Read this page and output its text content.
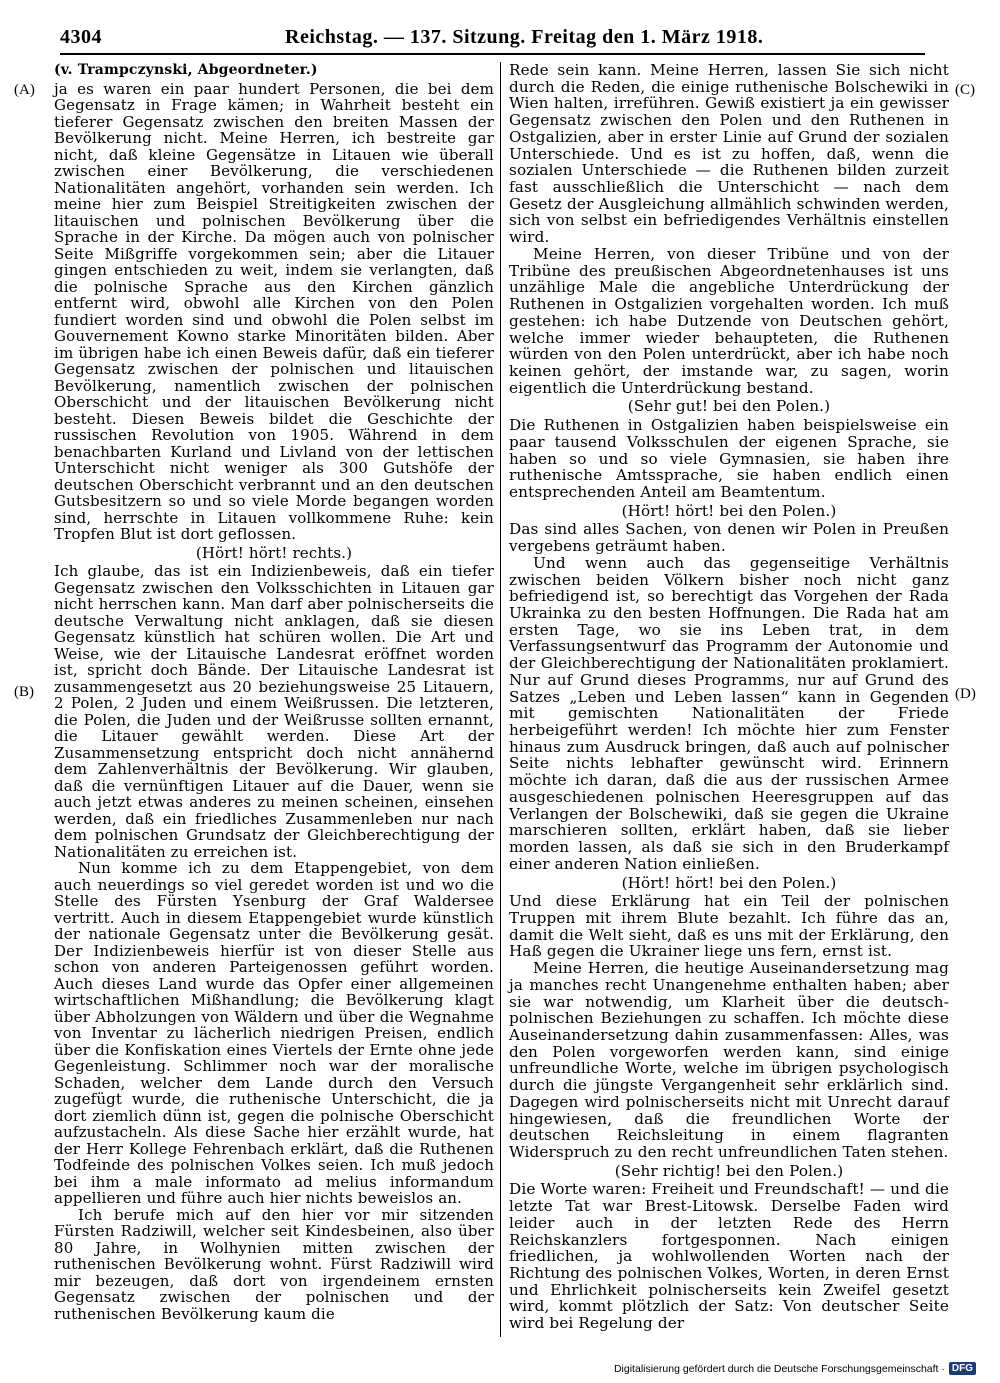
4304	Reichstag. — 137. Sitzung. Freitag den 1. März 1918.
(A)
(B)
(C)
(D)

(v. Trampczynski, Abgeordneter.)

ja es waren ein paar hundert Personen, die bei dem Gegensatz in Frage kämen; in Wahrheit besteht ein tieferer Gegensatz zwischen den breiten Massen der Bevölkerung nicht. Meine Herren, ich bestreite gar nicht, daß kleine Gegensätze in Litauen wie überall zwischen einer Bevölkerung, die verschiedenen Nationalitäten angehört, vorhanden sein werden. Ich meine hier zum Beispiel Streitigkeiten zwischen der litauischen und polnischen Bevölkerung über die Sprache in der Kirche. Da mögen auch von polnischer Seite Mißgriffe vorgekommen sein; aber die Litauer gingen entschieden zu weit, indem sie verlangten, daß die polnische Sprache aus den Kirchen gänzlich entfernt wird, obwohl alle Kirchen von den Polen fundiert worden sind und obwohl die Polen selbst im Gouvernement Kowno starke Minoritäten bilden. Aber im übrigen habe ich einen Beweis dafür, daß ein tieferer Gegensatz zwischen der polnischen und litauischen Bevölkerung, namentlich zwischen der polnischen Oberschicht und der litauischen Bevölkerung nicht besteht. Diesen Beweis bildet die Geschichte der russischen Revolution von 1905. Während in dem benachbarten Kurland und Livland von der lettischen Unterschicht nicht weniger als 300 Gutshöfe der deutschen Oberschicht verbrannt und an den deutschen Gutsbesitzern so und so viele Morde begangen worden sind, herrschte in Litauen vollkommene Ruhe: kein Tropfen Blut ist dort geflossen.

(Hört! hört! rechts.)

Ich glaube, das ist ein Indizienbeweis, daß ein tiefer Gegensatz zwischen den Volksschichten in Litauen gar nicht herrschen kann. Man darf aber polnischerseits die deutsche Verwaltung nicht anklagen, daß sie diesen Gegensatz künstlich hat schüren wollen. Die Art und Weise, wie der Litauische Landesrat eröffnet worden ist, spricht doch Bände. Der Litauische Landesrat ist zusammengesetzt aus 20 beziehungsweise 25 Litauern, 2 Polen, 2 Juden und einem Weißrussen. Die letzteren, die Polen, die Juden und der Weißrusse sollten ernannt, die Litauer gewählt werden. Diese Art der Zusammensetzung entspricht doch nicht annähernd dem Zahlenverhältnis der Bevölkerung. Wir glauben, daß die vernünftigen Litauer auf die Dauer, wenn sie auch jetzt etwas anderes zu meinen scheinen, einsehen werden, daß ein friedliches Zusammenleben nur nach dem polnischen Grundsatz der Gleichberechtigung der Nationalitäten zu erreichen ist.

Nun komme ich zu dem Etappengebiet, von dem auch neuerdings so viel geredet worden ist und wo die Stelle des Fürsten Ysenburg der Graf Waldersee vertritt. Auch in diesem Etappengebiet wurde künstlich der nationale Gegensatz unter die Bevölkerung gesät. Der Indizienbeweis hierfür ist von dieser Stelle aus schon von anderen Parteigenossen geführt worden. Auch dieses Land wurde das Opfer einer allgemeinen wirtschaftlichen Mißhandlung; die Bevölkerung klagt über Abholzungen von Wäldern und über die Wegnahme von Inventar zu lächerlich niedrigen Preisen, endlich über die Konfiskation eines Viertels der Ernte ohne jede Gegenleistung. Schlimmer noch war der moralische Schaden, welcher dem Lande durch den Versuch zugefügt wurde, die ruthenische Unterschicht, die ja dort ziemlich dünn ist, gegen die polnische Oberschicht aufzustacheln. Als diese Sache hier erzählt wurde, hat der Herr Kollege Fehrenbach erklärt, daß die Ruthenen Todfeinde des polnischen Volkes seien. Ich muß jedoch bei ihm a male informato ad melius informandum appellieren und führe auch hier nichts beweislos an.

Ich berufe mich auf den hier vor mir sitzenden Fürsten Radziwill, welcher seit Kindesbeinen, also über 80 Jahre, in Wolhynien mitten zwischen der ruthenischen Bevölkerung wohnt. Fürst Radziwill wird mir bezeugen, daß dort von irgendeinem ernsten Gegensatz zwischen der polnischen und der ruthenischen Bevölkerung kaum die

Rede sein kann. Meine Herren, lassen Sie sich nicht durch die Reden, die einige ruthenische Bolschewiki in Wien halten, irreführen. Gewiß existiert ja ein gewisser Gegensatz zwischen den Polen und den Ruthenen in Ostgalizien, aber in erster Linie auf Grund der sozialen Unterschiede. Und es ist zu hoffen, daß, wenn die sozialen Unterschiede — die Ruthenen bilden zurzeit fast ausschließlich die Unterschicht — nach dem Gesetz der Ausgleichung allmählich schwinden werden, sich von selbst ein befriedigendes Verhältnis einstellen wird.

Meine Herren, von dieser Tribüne und von der Tribüne des preußischen Abgeordnetenhauses ist uns unzählige Male die angebliche Unterdrückung der Ruthenen in Ostgalizien vorgehalten worden. Ich muß gestehen: ich habe Dutzende von Deutschen gehört, welche immer wieder behaupteten, die Ruthenen würden von den Polen unterdrückt, aber ich habe noch keinen gehört, der imstande war, zu sagen, worin eigentlich die Unterdrückung bestand.

(Sehr gut! bei den Polen.)

Die Ruthenen in Ostgalizien haben beispielsweise ein paar tausend Volksschulen der eigenen Sprache, sie haben so und so viele Gymnasien, sie haben ihre ruthenische Amtssprache, sie haben endlich einen entsprechenden Anteil am Beamtentum.

(Hört! hört! bei den Polen.)

Das sind alles Sachen, von denen wir Polen in Preußen vergebens geträumt haben.

Und wenn auch das gegenseitige Verhältnis zwischen beiden Völkern bisher noch nicht ganz befriedigend ist, so berechtigt das Vorgehen der Rada Ukrainka zu den besten Hoffnungen. Die Rada hat am ersten Tage, wo sie ins Leben trat, in dem Verfassungsentwurf das Programm der Autonomie und der Gleichberechtigung der Nationalitäten proklamiert. Nur auf Grund dieses Programms, nur auf Grund des Satzes „Leben und Leben lassen“ kann in Gegenden mit gemischten Nationalitäten der Friede herbeigeführt werden! Ich möchte hier zum Fenster hinaus zum Ausdruck bringen, daß auch auf polnischer Seite nichts lebhafter gewünscht wird. Erinnern möchte ich daran, daß die aus der russischen Armee ausgeschiedenen polnischen Heeresgruppen auf das Verlangen der Bolschewiki, daß sie gegen die Ukraine marschieren sollten, erklärt haben, daß sie lieber morden lassen, als daß sie sich in den Bruderkampf einer anderen Nation einließen.

(Hört! hört! bei den Polen.)

Und diese Erklärung hat ein Teil der polnischen Truppen mit ihrem Blute bezahlt. Ich führe das an, damit die Welt sieht, daß es uns mit der Erklärung, den Haß gegen die Ukrainer liege uns fern, ernst ist.

Meine Herren, die heutige Auseinandersetzung mag ja manches recht Unangenehme enthalten haben; aber sie war notwendig, um Klarheit über die deutsch-polnischen Beziehungen zu schaffen. Ich möchte diese Auseinandersetzung dahin zusammenfassen: Alles, was den Polen vorgeworfen werden kann, sind einige unfreundliche Worte, welche im übrigen psychologisch durch die jüngste Vergangenheit sehr erklärlich sind. Dagegen wird polnischerseits nicht mit Unrecht darauf hingewiesen, daß die freundlichen Worte der deutschen Reichsleitung in einem flagranten Widerspruch zu den recht unfreundlichen Taten stehen.

(Sehr richtig! bei den Polen.)

Die Worte waren: Freiheit und Freundschaft! — und die letzte Tat war Brest-Litowsk. Derselbe Faden wird leider auch in der letzten Rede des Herrn Reichskanzlers fortgesponnen. Nach einigen friedlichen, ja wohlwollenden Worten nach der Richtung des polnischen Volkes, Worten, in deren Ernst und Ehrlichkeit polnischerseits kein Zweifel gesetzt wird, kommt plötzlich der Satz: Von deutscher Seite wird bei Regelung der

Digitalisierung gefördert durch die Deutsche Forschungsgemeinschaft · DFG
